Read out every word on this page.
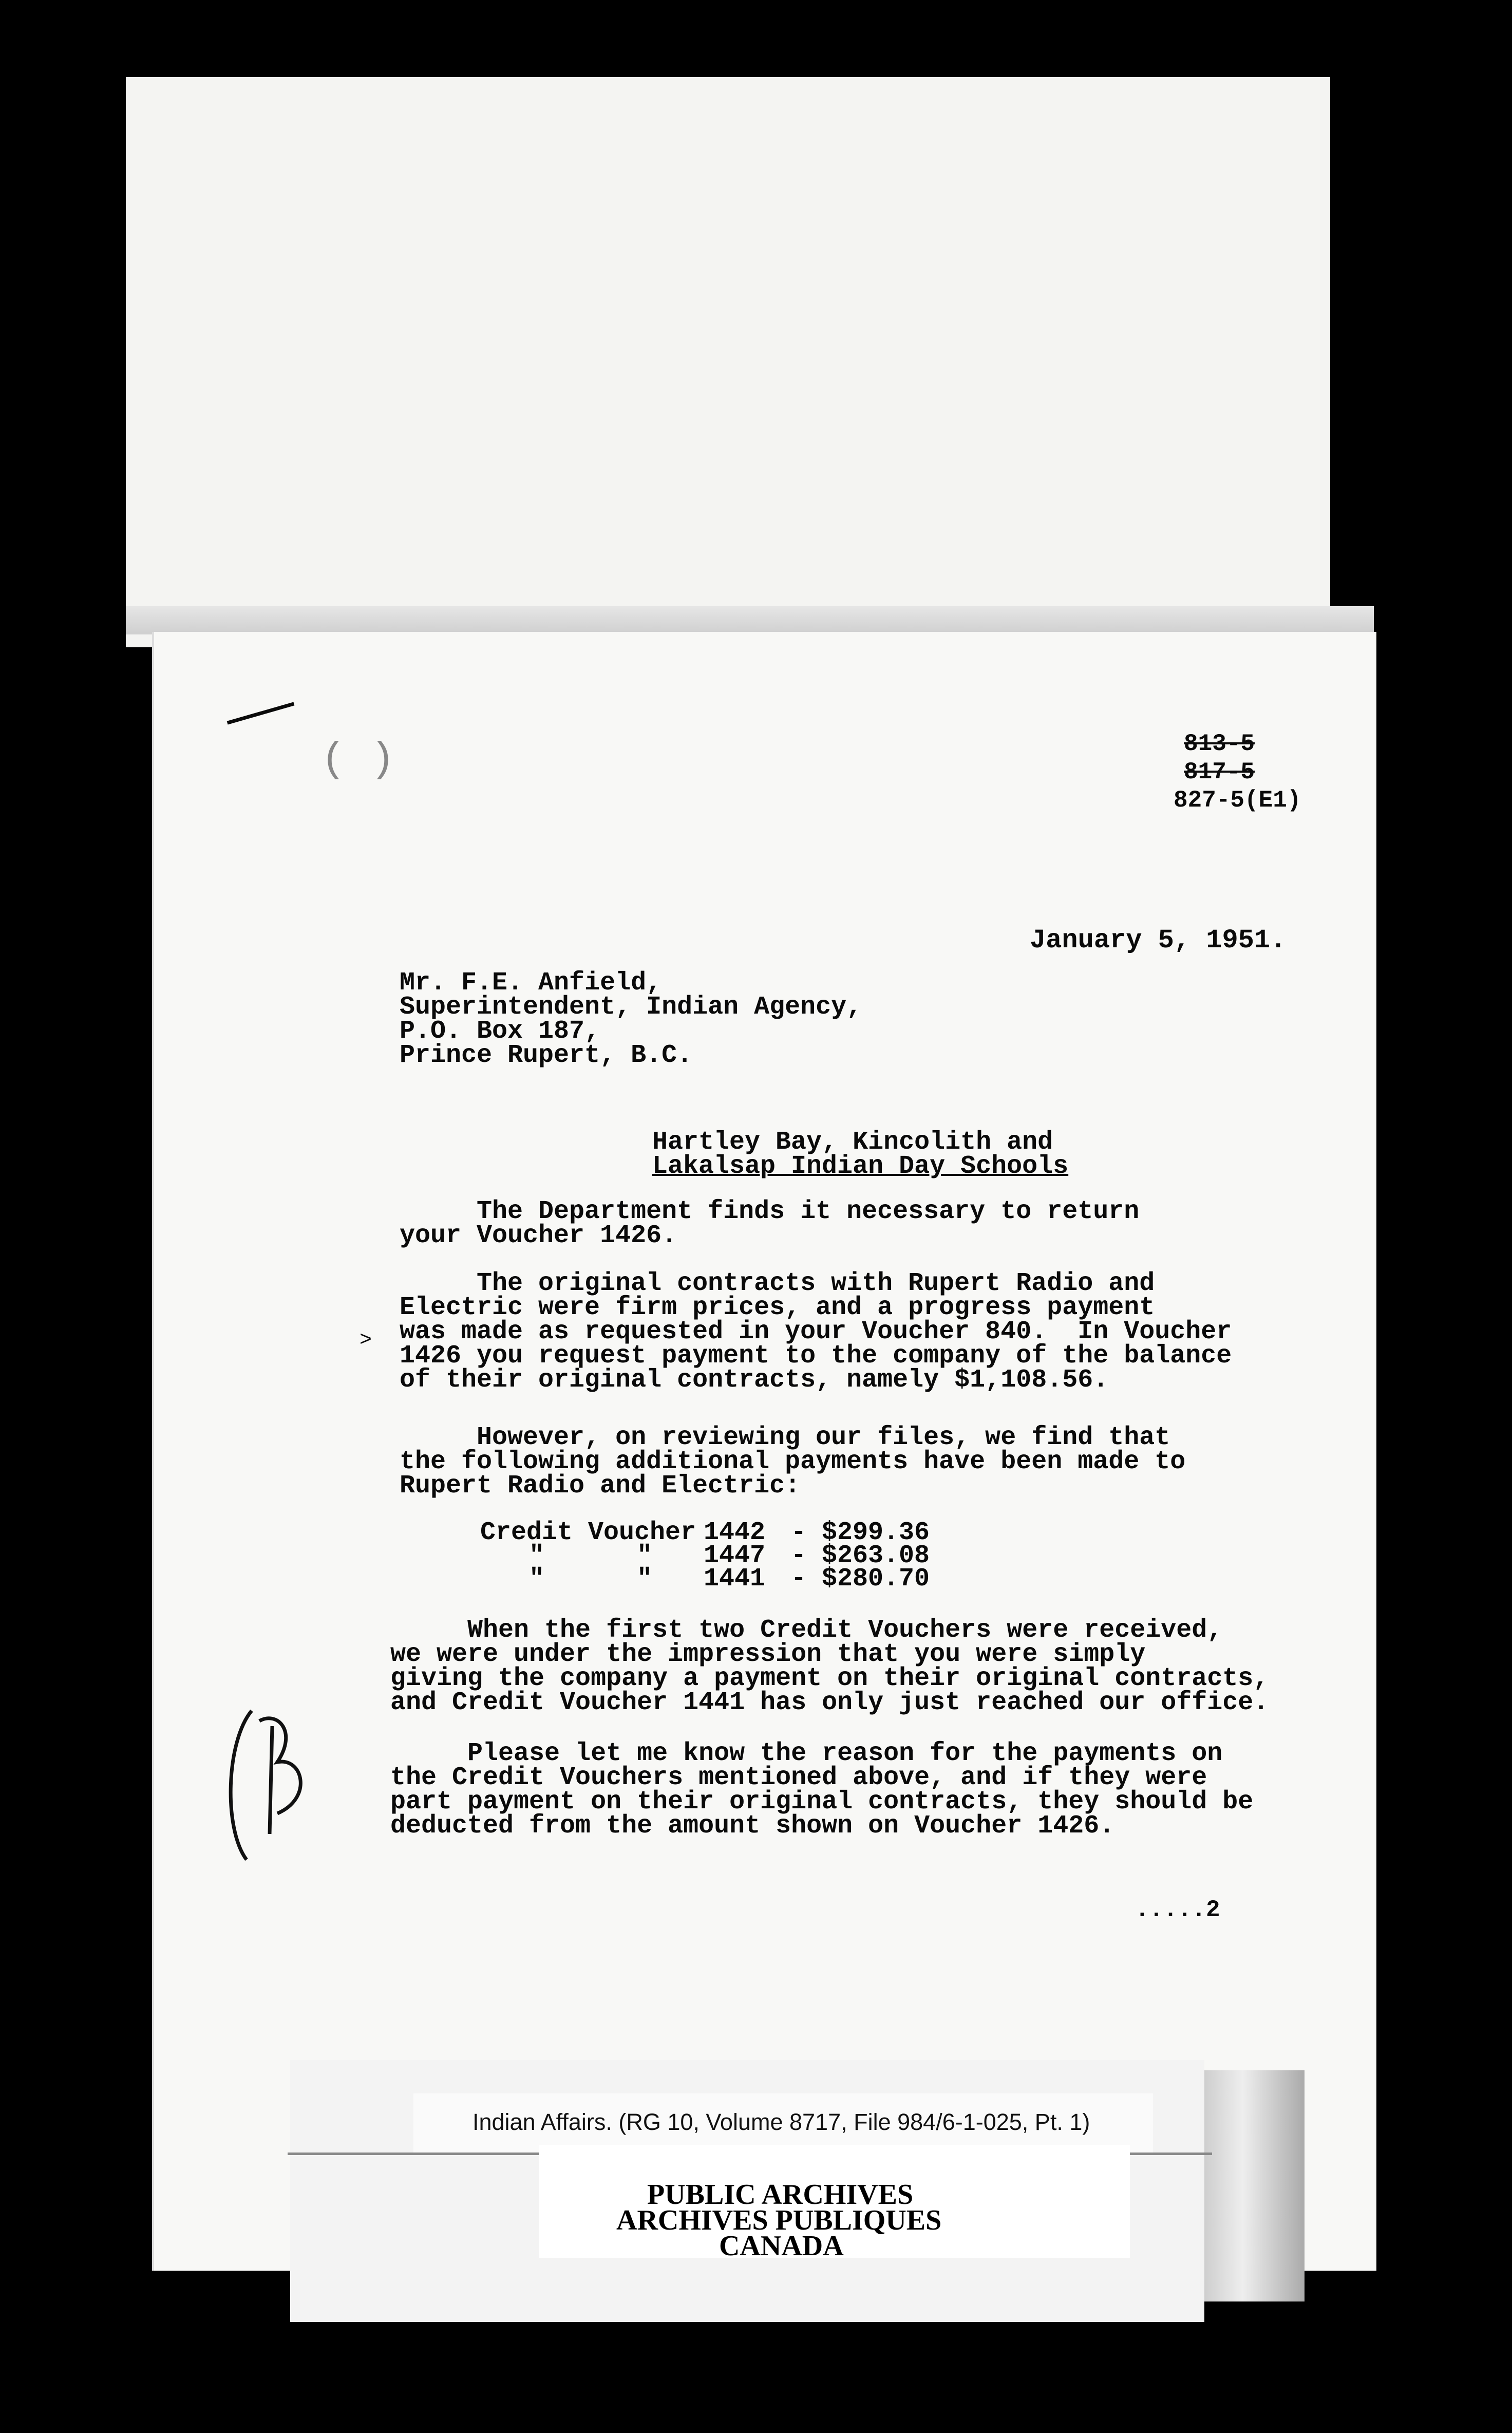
( )
>
813-5
817-5
827-5(E1)
January 5, 1951.
Mr. F.E. Anfield,
Superintendent, Indian Agency,
P.O. Box 187,
Prince Rupert, B.C.
Hartley Bay, Kincolith and
Lakalsap Indian Day Schools
The Department finds it necessary to return
your Voucher 1426.
The original contracts with Rupert Radio and
Electric were firm prices, and a progress payment
was made as requested in your Voucher 840.  In Voucher
1426 you request payment to the company of the balance
of their original contracts, namely $1,108.56.
However, on reviewing our files, we find that
the following additional payments have been made to
Rupert Radio and Electric:
Credit Voucher 1442 - $299.36
"      " 1447 - $263.08
"      " 1441 - $280.70
When the first two Credit Vouchers were received,
we were under the impression that you were simply
giving the company a payment on their original contracts,
and Credit Voucher 1441 has only just reached our office.
Please let me know the reason for the payments on
the Credit Vouchers mentioned above, and if they were
part payment on their original contracts, they should be
deducted from the amount shown on Voucher 1426.
.....2
Indian Affairs. (RG 10, Volume 8717, File 984/6-1-025, Pt. 1)
PUBLIC ARCHIVES
ARCHIVES PUBLIQUES
CANADA
